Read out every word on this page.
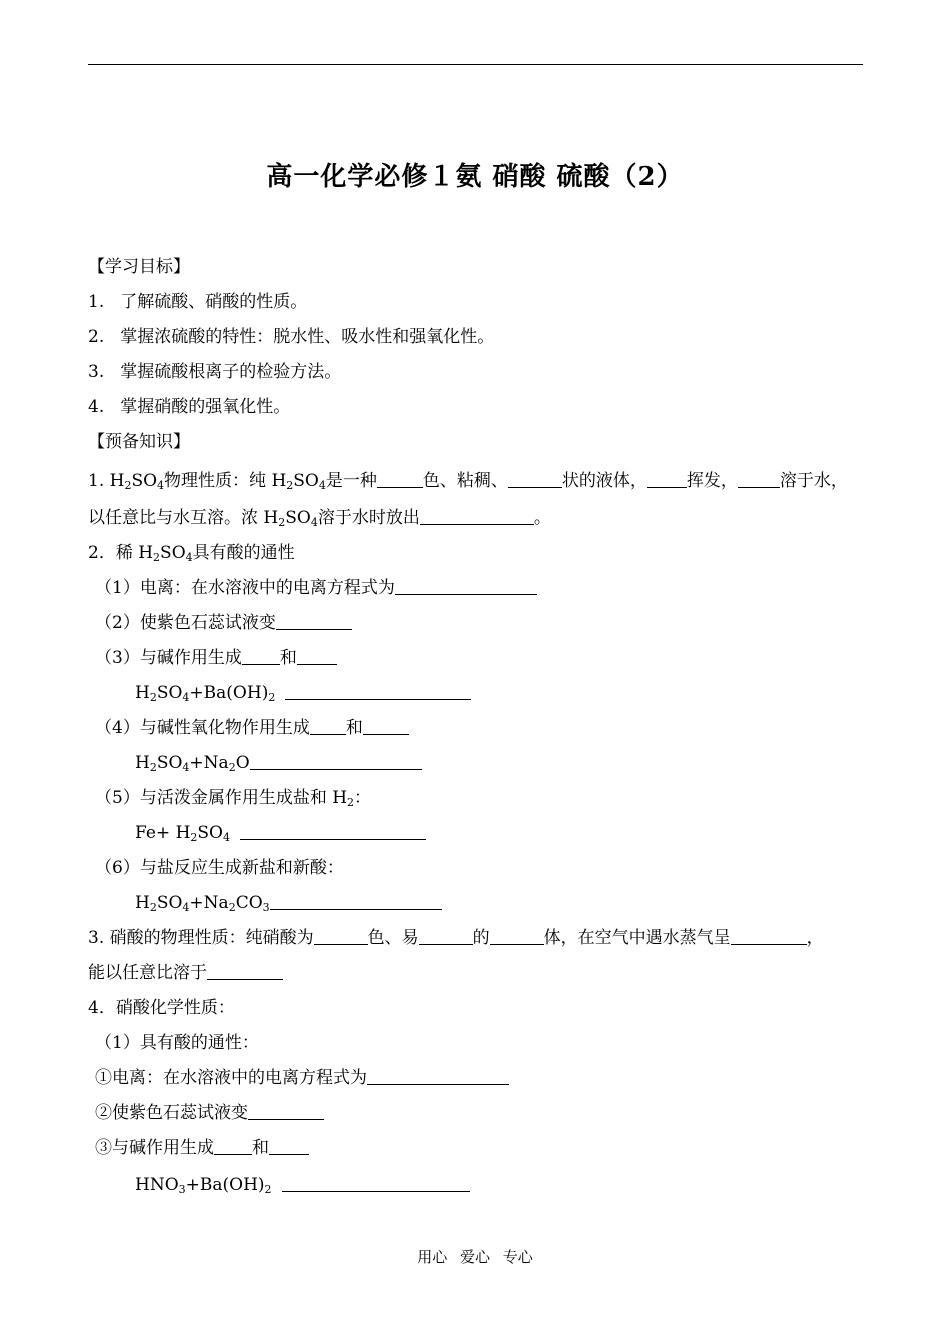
高一化学必修１氨 硝酸 硫酸（2）
【学习目标】
1. 了解硫酸、硝酸的性质。
2. 掌握浓硫酸的特性：脱水性、吸水性和强氧化性。
3. 掌握硫酸根离子的检验方法。
4. 掌握硝酸的强氧化性。
【预备知识】
1. $H_2SO_4$物理性质：纯 $H_2SO_4$是一种	色、粘稠、	状的液体， 挥发， 溶于水，
以任意比与水互溶。浓 $H_2SO_4$溶于水时放出	。
2．稀 $H_2SO_4$具有酸的通性
（1）电离：在水溶液中的电离方程式为
（2）使紫色石蕊试液变
（3）与碱作用生成 和
$H_2SO_4+Ba(OH)_2$
（4）与碱性氧化物作用生成 和
$H_2SO_4+Na_2O$
（5）与活泼金属作用生成盐和 $H_2$：
$Fe+ H_2SO_4$
（6）与盐反应生成新盐和新酸：
$H_2SO_4+Na_2CO_3$
3. 硝酸的物理性质：纯硝酸为	色、易	的	体，在空气中遇水蒸气呈	，
能以任意比溶于
4．硝酸化学性质：
（1）具有酸的通性：
①电离：在水溶液中的电离方程式为
②使紫色石蕊试液变
③与碱作用生成 和
$HNO_3+Ba(OH)_2$
用心 爱心 专心
